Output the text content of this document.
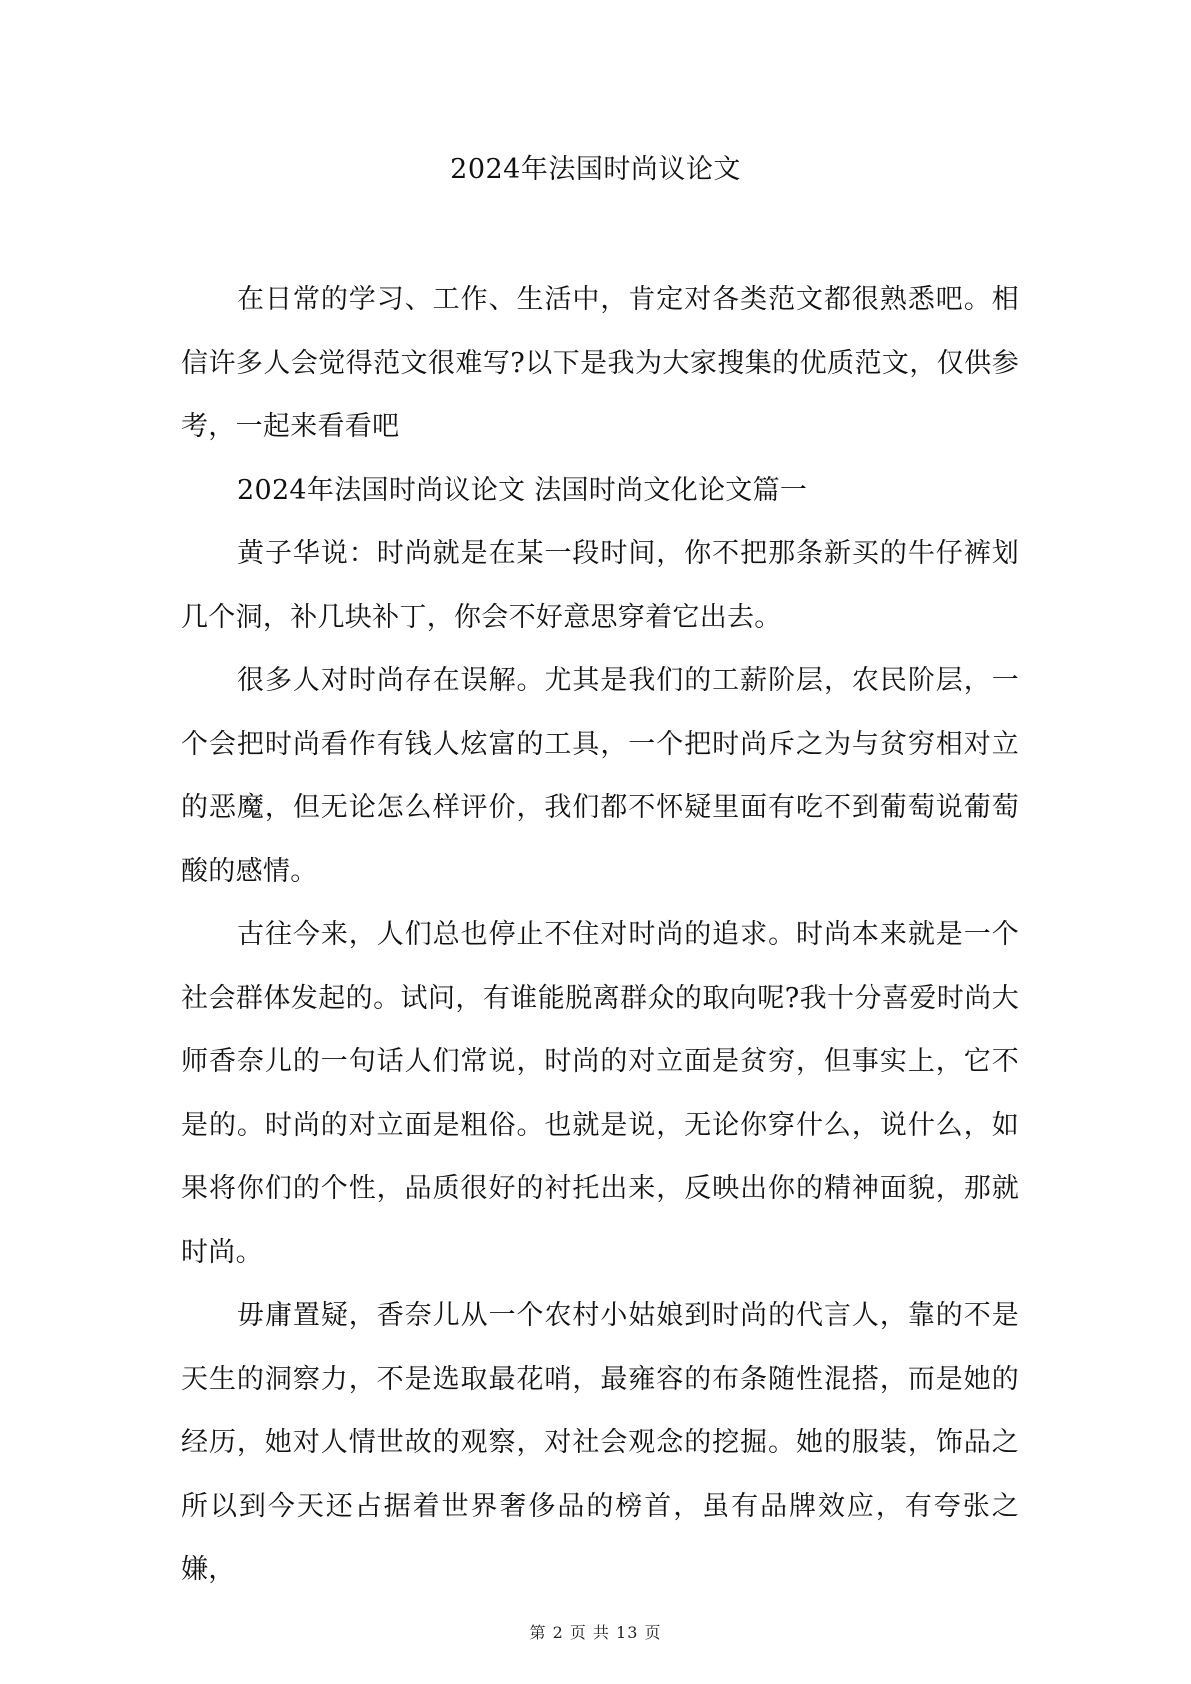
2024年法国时尚议论文

在日常的学习、工作、生活中，肯定对各类范文都很熟悉吧。相信许多人会觉得范文很难写?以下是我为大家搜集的优质范文，仅供参考，一起来看看吧

2024年法国时尚议论文 法国时尚文化论文篇一

黄子华说：时尚就是在某一段时间，你不把那条新买的牛仔裤划几个洞，补几块补丁，你会不好意思穿着它出去。

很多人对时尚存在误解。尤其是我们的工薪阶层，农民阶层，一个会把时尚看作有钱人炫富的工具，一个把时尚斥之为与贫穷相对立的恶魔，但无论怎么样评价，我们都不怀疑里面有吃不到葡萄说葡萄酸的感情。

古往今来，人们总也停止不住对时尚的追求。时尚本来就是一个社会群体发起的。试问，有谁能脱离群众的取向呢?我十分喜爱时尚大师香奈儿的一句话人们常说，时尚的对立面是贫穷，但事实上，它不是的。时尚的对立面是粗俗。也就是说，无论你穿什么，说什么，如果将你们的个性，品质很好的衬托出来，反映出你的精神面貌，那就时尚。

毋庸置疑，香奈儿从一个农村小姑娘到时尚的代言人，靠的不是天生的洞察力，不是选取最花哨，最雍容的布条随性混搭，而是她的经历，她对人情世故的观察，对社会观念的挖掘。她的服装，饰品之所以到今天还占据着世界奢侈品的榜首，虽有品牌效应，有夸张之嫌，

第 2 页 共 13 页
